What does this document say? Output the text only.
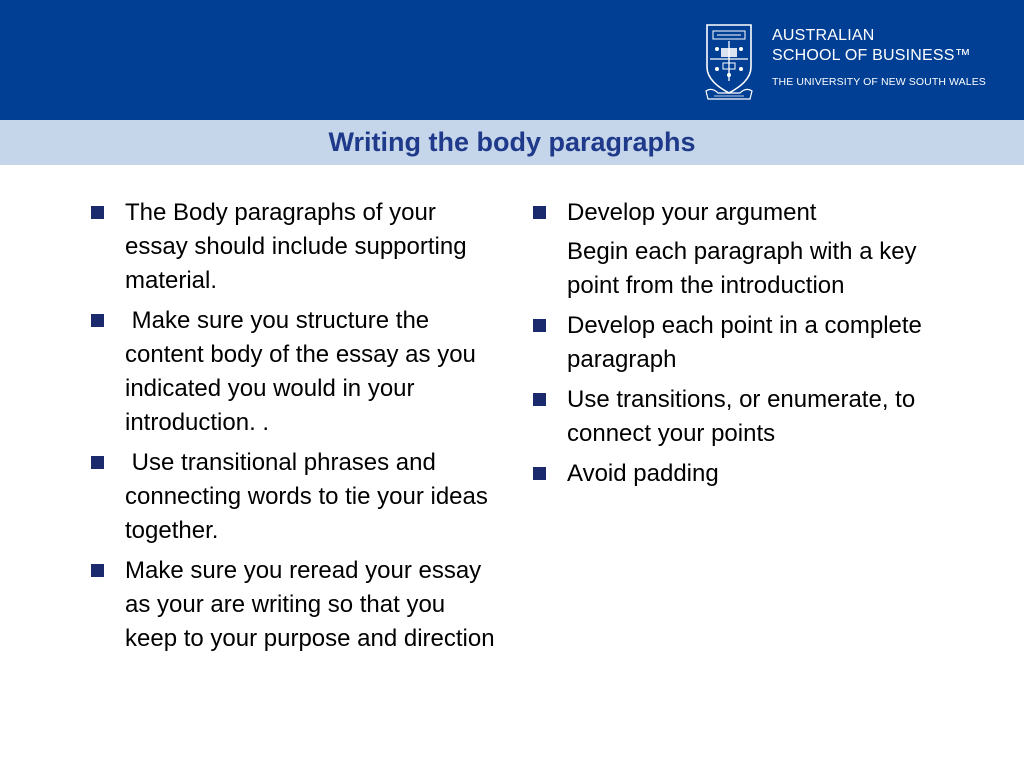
AUSTRALIAN
SCHOOL OF BUSINESS™
THE UNIVERSITY OF NEW SOUTH WALES
Writing the body paragraphs
The Body paragraphs of your essay should include supporting material.
Make sure you structure the content body of the essay as you indicated you would in your introduction. .
Use transitional phrases and connecting words to tie your ideas together.
Make sure you reread your essay as your are writing so that you keep to your purpose and direction
Develop your argument
Begin each paragraph with a key point from the introduction
Develop each point in a complete paragraph
Use transitions, or enumerate, to connect your points
Avoid padding
